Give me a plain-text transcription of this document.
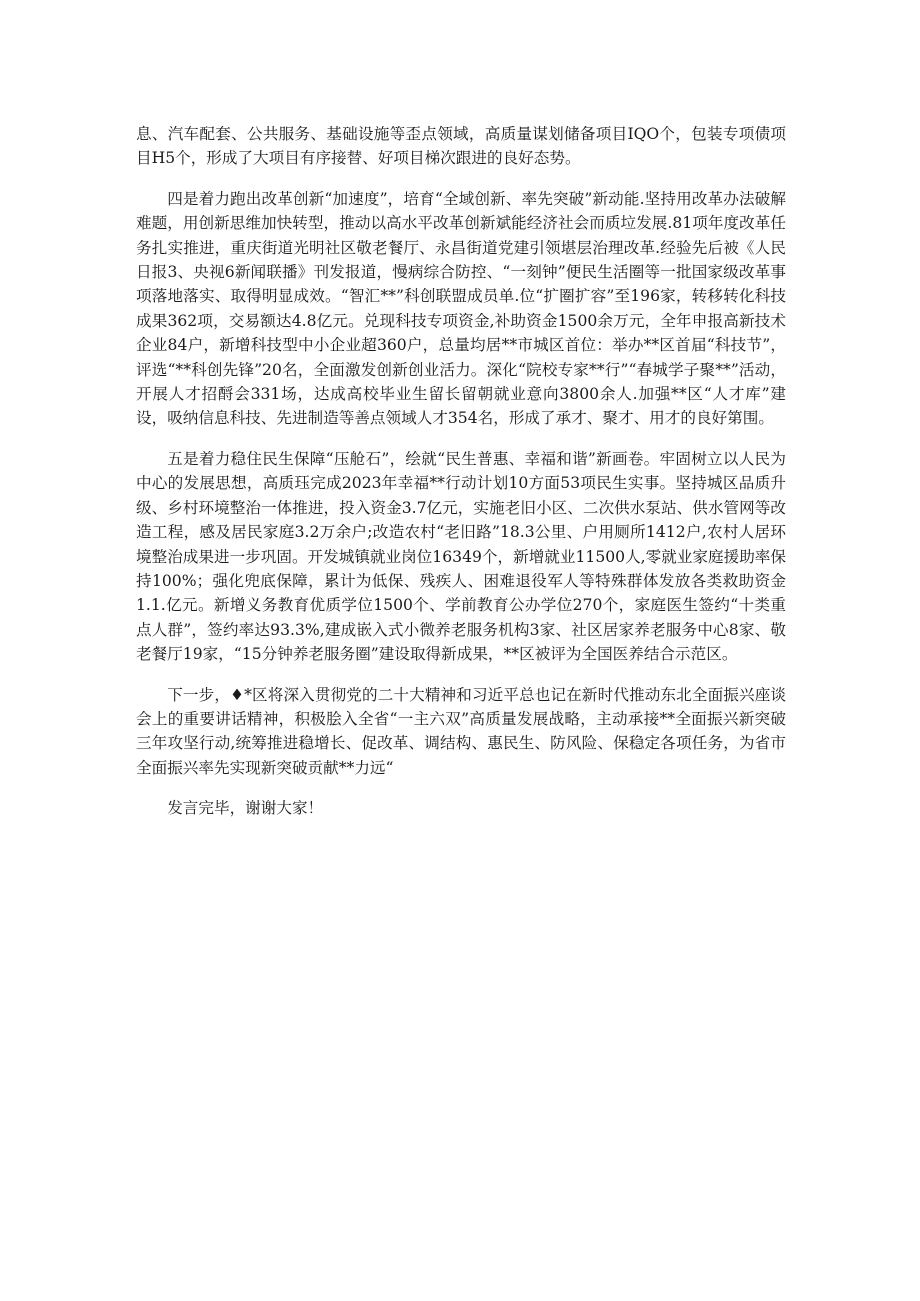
息、汽车配套、公共服务、基础设施等歪点领域，高质量谋划储备项目IQO个，包装专项债项目H5个，形成了大项目有序接替、好项目梯次跟进的良好态势。

四是着力跑出改革创新“加速度”，培育“全域创新、率先突破”新动能.坚持用改革办法破解难题，用创新思维加快转型，推动以高水平改革创新斌能经济社会而质垃发展.81项年度改革任务扎实推进，重庆街道光明社区敬老餐厅、永昌街道党建引领堪层治理改革.经验先后被《人民日报3、央视6新闻联播》刊发报道，慢病综合防控、“一刻钟”便民生活圈等一批国家级改革事项落地落实、取得明显成效。“智汇**”科创联盟成员单.位“扩圈扩容”至196家，转移转化科技成果362项，交易额达4.8亿元。兑现科技专项资金,补助资金1500余万元，全年申报高新技术企业84户，新增科技型中小企业超360户，总量均居**市城区首位：举办**区首届“科技节”，评选“**科创先锋”20名，全面激发创新创业活力。深化“院校专家**行”“春城学子聚**”活动，开展人才招酹会331场，达成高校毕业生留长留朝就业意向3800余人.加强**区“人才库”建设，吸纳信息科技、先进制造等善点领域人才354名，形成了承才、聚才、用才的良好第围。

五是着力稳住民生保障“压舱石”，绘就“民生普惠、幸福和谐”新画卷。牢固树立以人民为中心的发展思想，高质珏完成2023年幸福**行动计划10方面53项民生实事。坚持城区品质升级、乡村环境整治一体推进，投入资金3.7亿元，实施老旧小区、二次供水泵站、供水管网等改造工程，感及居民家庭3.2万余户;改造农村“老旧路”18.3公里、户用厕所1412户,农村人居环境整治成果进一步巩固。开发城镇就业岗位16349个，新增就业11500人,零就业家庭援助率保持100%；强化兜底保障，累计为低保、残疾人、困难退役军人等特殊群体发放各类救助资金1.1.亿元。新增义务教育优质学位1500个、学前教育公办学位270个，家庭医生签约“十类重点人群”，签约率达93.3%,建成嵌入式小微养老服务机构3家、社区居家养老服务中心8家、敬老餐厅19家，“15分钟养老服务圈”建设取得新成果，**区被评为全国医养结合示范区。

下一步，♦*区将深入贯彻党的二十大精神和习近平总也记在新时代推动东北全面振兴座谈会上的重要讲话精神，积极脍入全省“一主六双”高质量发展战略，主动承接**全面振兴新突破三年攻坚行动,统筹推进稳增长、促改革、调结构、惠民生、防风险、保稳定各项任务，为省市全面振兴率先实现新突破贡献**力远“

发言完毕，谢谢大家！
